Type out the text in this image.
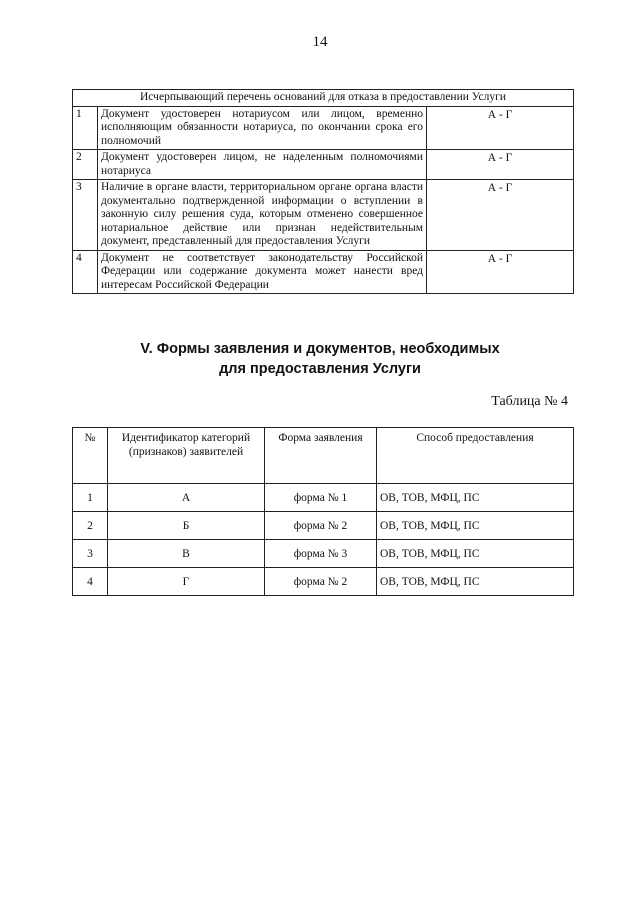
14
Исчерпывающий перечень оснований для отказа в предоставлении Услуги		
1	Документ удостоверен нотариусом или лицом, временно исполняющим обязанности нотариуса, по окончании срока его полномочий	А - Г
2	Документ удостоверен лицом, не наделенным полномочиями нотариуса	А - Г
3	Наличие в органе власти, территориальном органе органа власти документально подтвержденной информации о вступлении в законную силу решения суда, которым отменено совершенное нотариальное действие или признан недействительным документ, представленный для предоставления Услуги	А - Г
4	Документ не соответствует законодательству Российской Федерации или содержание документа может нанести вред интересам Российской Федерации	А - Г
V. Формы заявления и документов, необходимых
для предоставления Услуги
Таблица № 4
№	Идентификатор категорий (признаков) заявителей	Форма заявления	Способ предоставления
1	А	форма № 1	ОВ, ТОВ, МФЦ, ПС
2	Б	форма № 2	ОВ, ТОВ, МФЦ, ПС
3	В	форма № 3	ОВ, ТОВ, МФЦ, ПС
4	Г	форма № 2	ОВ, ТОВ, МФЦ, ПС
